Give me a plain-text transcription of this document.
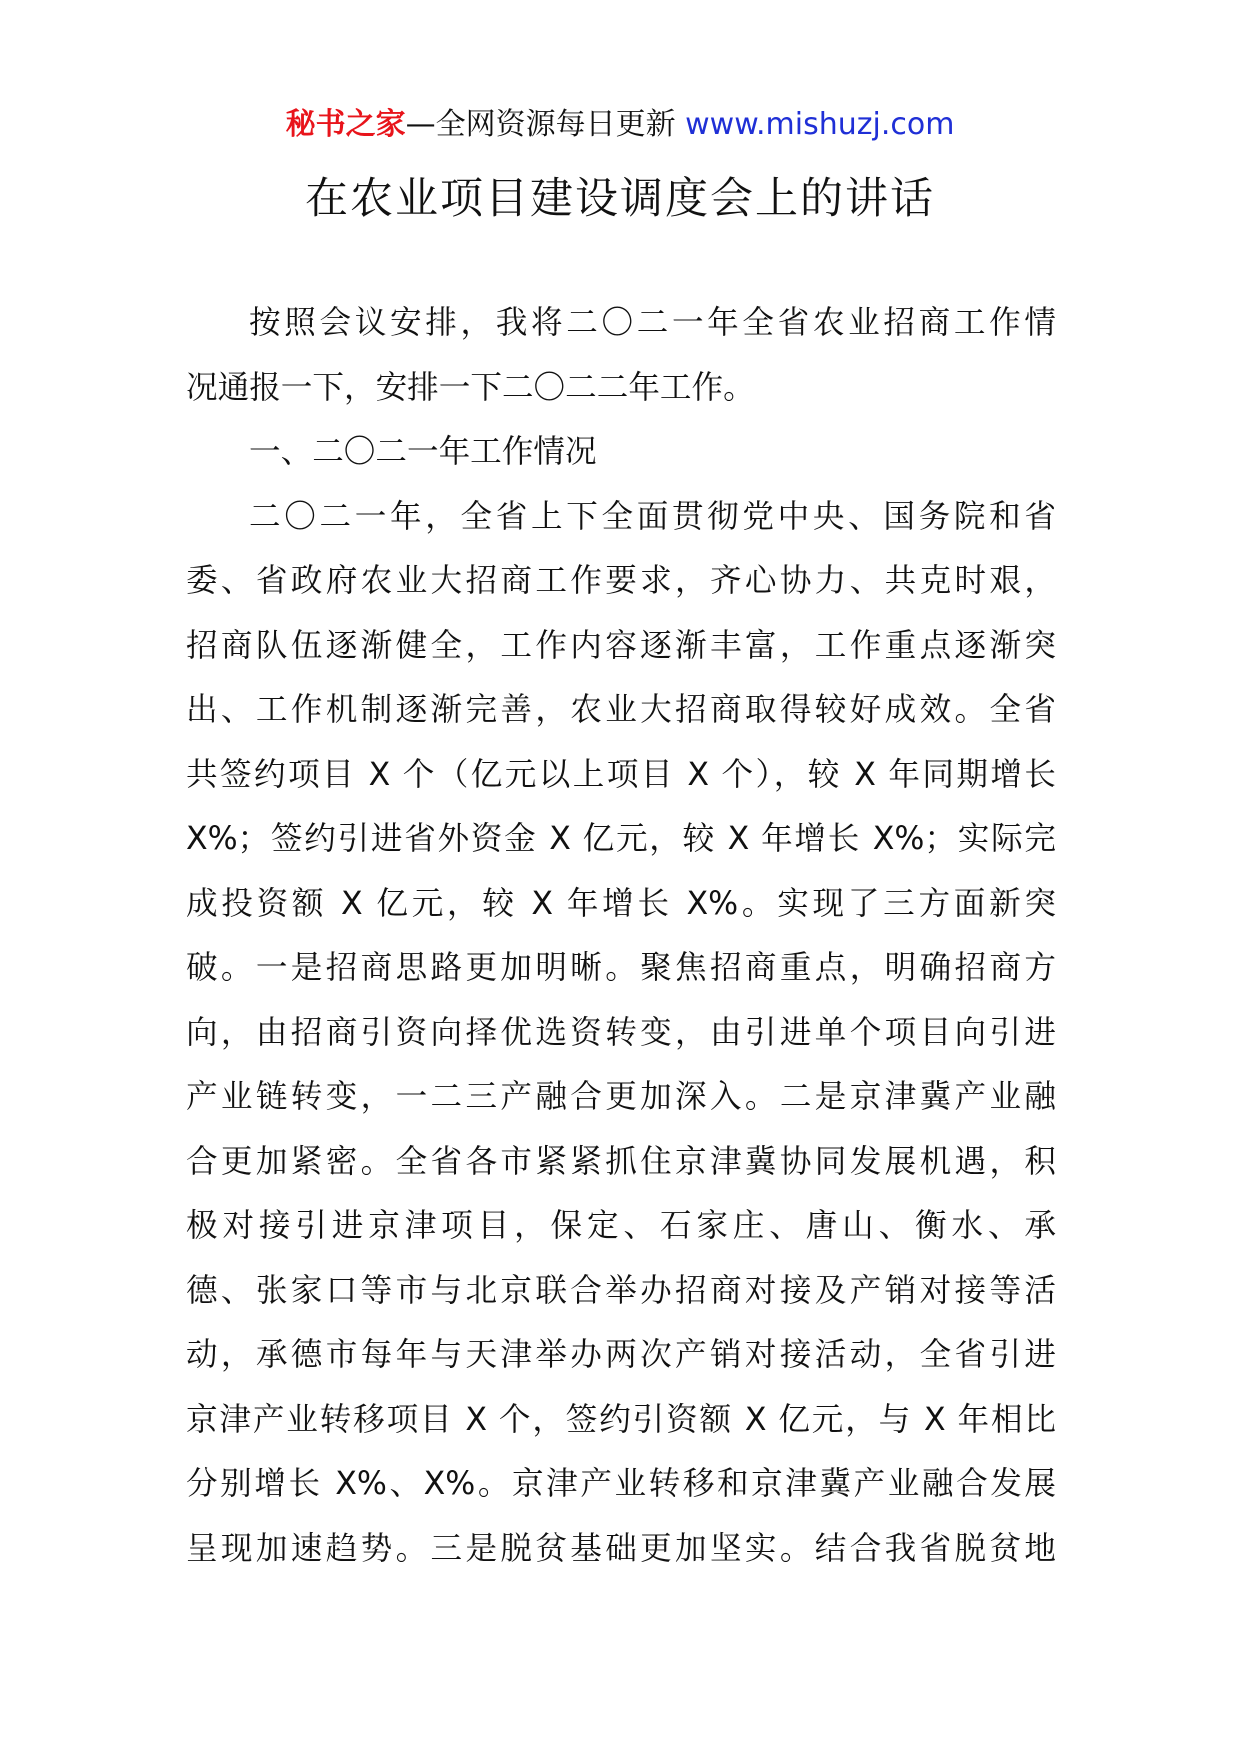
秘书之家—全网资源每日更新 www.mishuzj.com
在农业项目建设调度会上的讲话
按照会议安排，我将二〇二一年全省农业招商工作情
况通报一下，安排一下二〇二二年工作。
一、二〇二一年工作情况
二〇二一年，全省上下全面贯彻党中央、国务院和省
委、省政府农业大招商工作要求，齐心协力、共克时艰，
招商队伍逐渐健全，工作内容逐渐丰富，工作重点逐渐突
出、工作机制逐渐完善，农业大招商取得较好成效。全省
共签约项目 X 个（亿元以上项目 X 个），较 X 年同期增长
X%；签约引进省外资金 X 亿元，较 X 年增长 X%；实际完
成投资额 X 亿元，较 X 年增长 X%。实现了三方面新突
破。一是招商思路更加明晰。聚焦招商重点，明确招商方
向，由招商引资向择优选资转变，由引进单个项目向引进
产业链转变，一二三产融合更加深入。二是京津冀产业融
合更加紧密。全省各市紧紧抓住京津冀协同发展机遇，积
极对接引进京津项目，保定、石家庄、唐山、衡水、承
德、张家口等市与北京联合举办招商对接及产销对接等活
动，承德市每年与天津举办两次产销对接活动，全省引进
京津产业转移项目 X 个，签约引资额 X 亿元，与 X 年相比
分别增长 X%、X%。京津产业转移和京津冀产业融合发展
呈现加速趋势。三是脱贫基础更加坚实。结合我省脱贫地
